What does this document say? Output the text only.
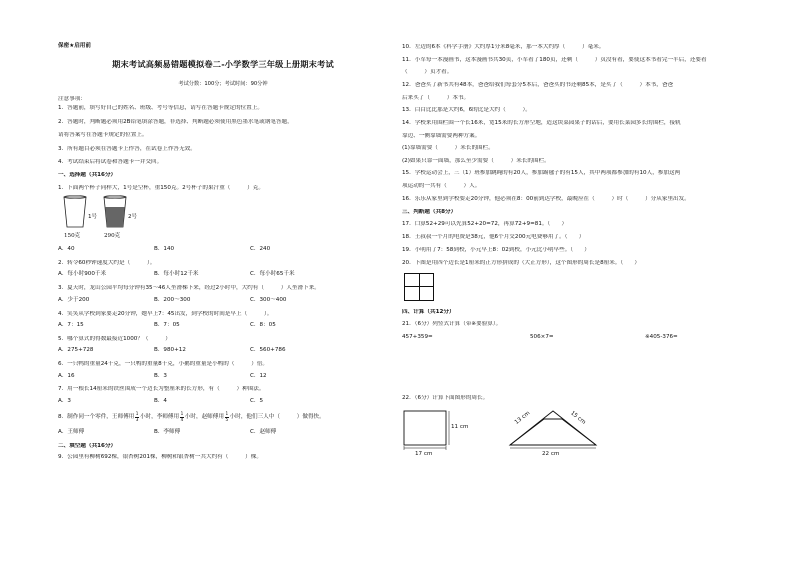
保密★启用前
期末考试高频易错题模拟卷二-小学数学三年级上册期末考试
考试分数：100分；考试时间：90分钟
注意事项：
1．答题前，填写好自己的姓名、班级、考号等信息，请写在答题卡规定的位置上。
2．答题时，判断题必须用2B铅笔填涂答题，非选择、判断题必须使用黑色墨水笔或钢笔答题，
请将答案写在答题卡规定的位置上。
3．所有题目必须在答题卡上作答，在试卷上作答无效。
4．考试结束后将试卷和答题卡一并交回。
一、选择题（共16分）
1．下面两个杯子同样大，1号是空杯，重150克。2号杯子的果汁重（　　　）克。
1号	2号
150克	290克
A．40	B．140	C．240
2．转令60秒钟速度大约是（　　　）。
A．每小时900千米	B．每小时12千米	C．每小时65千米
3．夏天时，龙山公园平均每分钟有35～46人坐滑梯下来，经过2小时中，大约有（　　　）人坐滑下来。
A．少于200	B．200～300	C．300～400
4．笑笑从学校到家要走20分钟，她早上7：45出发，到学校的时间是早上（　　　）。
A．7：15	B．7：05	C．8：05
5．哪个算式的得数最接近1000？（　　　）
A．275+728	B．980+12	C．560+786
6．一只鸭的重量24千克，一只鸭的重量8千克，小鹅的重量是小鸭的（　　　）倍。
A．16	B．3	C．12
7．用一根长14厘米的铁丝围成一个边长为整厘米的长方形，有（　　　）种围法。
A．3	B．4	C．5
8．制作同一个零件，王师傅用 $\frac{1}{3}$ 小时，李师傅用 $\frac{1}{4}$ 小时，赵师傅用 $\frac{1}{5}$ 小时，他们三人中（　　　）做得快。
A．王师傅	B．李师傅	C．赵师傅
二、填空题（共16分）
9．公园里有柳树692棵，银杏树201棵，柳树和银杏树一共大约有（　　　）棵。
10．左边的6本《科学手册》大约厚1分米8毫米，那一本大约厚（　　　）毫米。
11．小军每一本漫画书，这本漫画书共30页，小军看了180页，还剩（　　　）页没有看，要使这本书看完一半后，还要看
（　　　）页才看。
12．爸爸买了新书共有48本，爸爸给我们每套分5本后，爸爸买的书还剩85本，是买了（　　　）本书，爸爸
后来买了（　　　）本书。
13．白白比比那是大约6，6的比是大约（　　　）。
14．学校来用围栏围一个长16米，宽15米的长方形空地，造这块菜园果子的话后，要用长菜园多长的围栏，接轨
靠边、一侧靠墙需要两种方案。
(1)靠墙需要（　　　）米长的围栏。
(2)如果只靠一面墙，那么至少需要（　　　）米长的围栏。
15．学校运动会上，三（1）班参加跳绳的有20人，参加踢毽子的有15人，其中两项都参加的有10人，参加这两
项运动的一共有（　　　）人。
16．乐乐从家里到学校要走20分钟，他必须在8：00前到达学校，最晚应在（　　　）时（　　　）分从家里出发。
三、判断题（共8分）
17．口算52+29可以先算52+20=72，再算72+9=81。（　　）
18．王叔叔一个月的电费是38元，他6个月交200元电费够用了。（　　）
19．小明用了7：58到校，小元早上8：02到校，小元比小明早些。（　　）
20．下图是用四个边长是1厘米的正方形拼成的（大正方形），这个图形的周长是8厘米。（　　）
四、计算（共12分）
21．（6分）列竖式计算（带※要验算）。
457+359=	506×7=	※405-376=
22．（6分）计算下面图形的周长。
11 cm
17 cm
13 cm	15 cm
22 cm
